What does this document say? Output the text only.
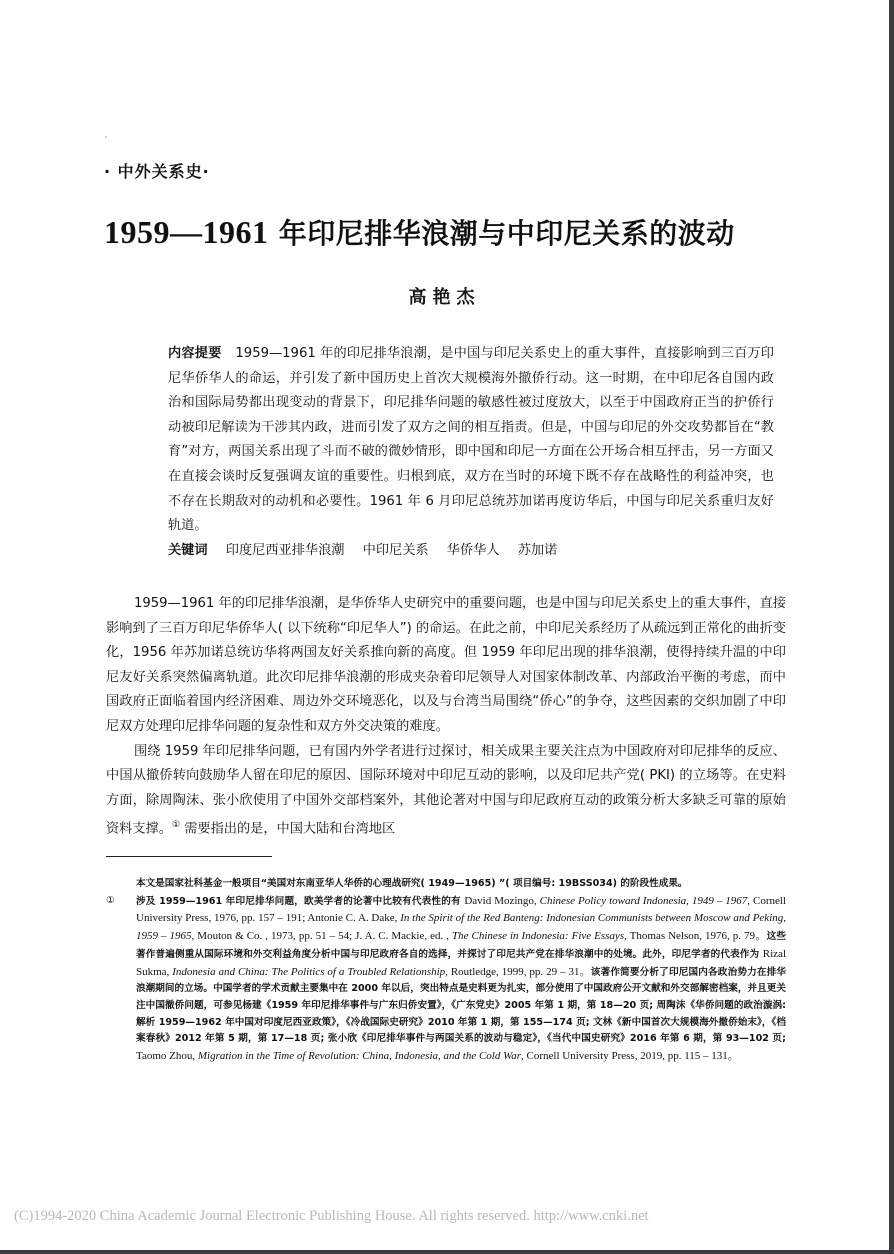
· 中外关系史·
1959—1961 年印尼排华浪潮与中印尼关系的波动
高艳杰

内容提要 1959—1961 年的印尼排华浪潮，是中国与印尼关系史上的重大事件，直接影响到三百万印尼华侨华人的命运，并引发了新中国历史上首次大规模海外撤侨行动。这一时期，在中印尼各自国内政治和国际局势都出现变动的背景下，印尼排华问题的敏感性被过度放大，以至于中国政府正当的护侨行动被印尼解读为干涉其内政，进而引发了双方之间的相互指责。但是，中国与印尼的外交攻势都旨在“教育”对方，两国关系出现了斗而不破的微妙情形，即中国和印尼一方面在公开场合相互抨击，另一方面又在直接会谈时反复强调友谊的重要性。归根到底，双方在当时的环境下既不存在战略性的利益冲突，也不存在长期敌对的动机和必要性。1961 年 6 月印尼总统苏加诺再度访华后，中国与印尼关系重归友好轨道。

关键词 印度尼西亚排华浪潮 中印尼关系 华侨华人 苏加诺

1959—1961 年的印尼排华浪潮，是华侨华人史研究中的重要问题，也是中国与印尼关系史上的重大事件，直接影响到了三百万印尼华侨华人( 以下统称“印尼华人”) 的命运。在此之前，中印尼关系经历了从疏远到正常化的曲折变化，1956 年苏加诺总统访华将两国友好关系推向新的高度。但 1959 年印尼出现的排华浪潮，使得持续升温的中印尼友好关系突然偏离轨道。此次印尼排华浪潮的形成夹杂着印尼领导人对国家体制改革、内部政治平衡的考虑，而中国政府正面临着国内经济困难、周边外交环境恶化，以及与台湾当局围绕“侨心”的争夺，这些因素的交织加剧了中印尼双方处理印尼排华问题的复杂性和双方外交决策的难度。

围绕 1959 年印尼排华问题，已有国内外学者进行过探讨，相关成果主要关注点为中国政府对印尼排华的反应、中国从撤侨转向鼓励华人留在印尼的原因、国际环境对中印尼互动的影响，以及印尼共产党( PKI) 的立场等。在史料方面，除周陶沫、张小欣使用了中国外交部档案外，其他论著对中国与印尼政府互动的政策分析大多缺乏可靠的原始资料支撑。① 需要指出的是，中国大陆和台湾地区

本文是国家社科基金一般项目“美国对东南亚华人华侨的心理战研究( 1949—1965) ”( 项目编号: 19BSS034) 的阶段性成果。
①	涉及 1959—1961 年印尼排华问题，欧美学者的论著中比较有代表性的有 David Mozingo, Chinese Policy toward Indonesia, 1949 – 1967, Cornell University Press, 1976, pp. 157 – 191; Antonie C. A. Dake, In the Spirit of the Red Banteng: Indonesian Communists between Moscow and Peking, 1959 – 1965, Mouton & Co. , 1973, pp. 51 – 54; J. A. C. Mackie, ed. , The Chinese in Indonesia: Five Essays, Thomas Nelson, 1976, p. 79。这些著作普遍侧重从国际环境和外交利益角度分析中国与印尼政府各自的选择，并探讨了印尼共产党在排华浪潮中的处境。此外，印尼学者的代表作为 Rizal Sukma, Indonesia and China: The Politics of a Troubled Relationship, Routledge, 1999, pp. 29 – 31。该著作简要分析了印尼国内各政治势力在排华浪潮期间的立场。中国学者的学术贡献主要集中在 2000 年以后，突出特点是史料更为扎实，部分使用了中国政府公开文献和外交部解密档案，并且更关注中国撤侨问题，可参见杨建《1959 年印尼排华事件与广东归侨安置》，《广东党史》2005 年第 1 期，第 18—20 页; 周陶沫《华侨问题的政治漩涡: 解析 1959—1962 年中国对印度尼西亚政策》，《冷战国际史研究》2010 年第 1 期，第 155—174 页; 文林《新中国首次大规模海外撤侨始末》，《档案春秋》2012 年第 5 期，第 17—18 页; 张小欣《印尼排华事件与两国关系的波动与稳定》，《当代中国史研究》2016 年第 6 期，第 93—102 页; Taomo Zhou, Migration in the Time of Revolution: China, Indonesia, and the Cold War, Cornell University Press, 2019, pp. 115 – 131。
(C)1994-2020 China Academic Journal Electronic Publishing House. All rights reserved. http://www.cnki.net
